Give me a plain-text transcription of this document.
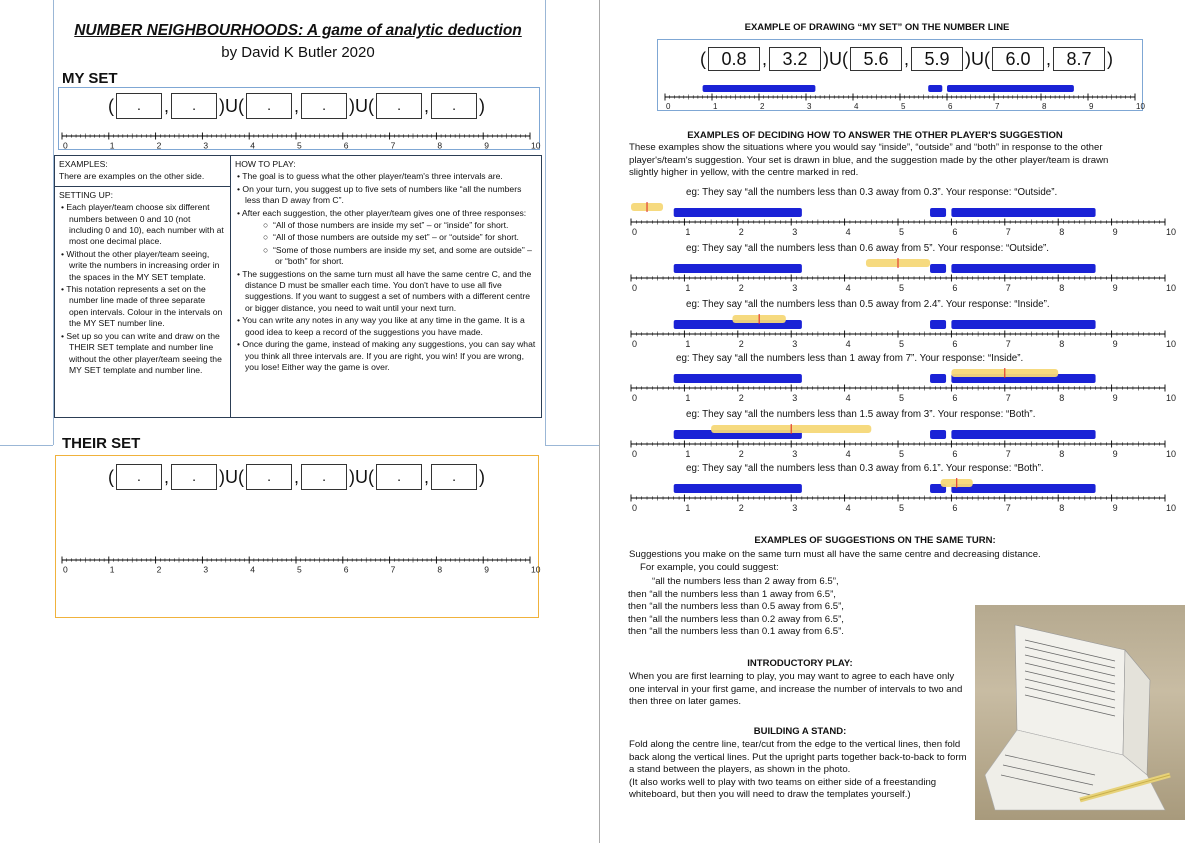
NUMBER NEIGHBOURHOODS: A game of analytic deduction
by David K Butler 2020
MY SET
(	.	,	.	)U(	.	,	.	)U(	.	,	.	)
0	1	2	3	4	5	6	7	8	9	10

EXAMPLES:

There are examples on the other side.

SETTING UP:

• Each player/team choose six different numbers between 0 and 10 (not including 0 and 10), each number with at most one decimal place.

• Without the other player/team seeing, write the numbers in increasing order in the spaces in the MY SET template.

• This notation represents a set on the number line made of three separate open intervals. Colour in the intervals on the MY SET number line.

• Set up so you can write and draw on the THEIR SET template and number line without the other player/team seeing the MY SET template and number line.

HOW TO PLAY:

• The goal is to guess what the other player/team's three intervals are.

• On your turn, you suggest up to five sets of numbers like “all the numbers less than D away from C”.

• After each suggestion, the other player/team gives one of three responses:

○  “All of those numbers are inside my set” – or “inside” for short.

○  “All of those numbers are outside my set” – or “outside” for short.

○  “Some of those numbers are inside my set, and some are outside” – or “both” for short.

• The suggestions on the same turn must all have the same centre C, and the distance D must be smaller each time. You don't have to use all five suggestions. If you want to suggest a set of numbers with a different centre or bigger distance, you need to wait until your next turn.

• You can write any notes in any way you like at any time in the game. It is a good idea to keep a record of the suggestions you have made.

• Once during the game, instead of making any suggestions, you can say what you think all three intervals are. If you are right, you win! If you are wrong, you lose! Either way the game is over.

THEIR SET
(	.	,	.	)U(	.	,	.	)U(	.	,	.	)
0	1	2	3	4	5	6	7	8	9	10
EXAMPLE OF DRAWING “MY SET” ON THE NUMBER LINE
( 0.8 , 3.2 )U( 5.6 , 5.9 )U( 6.0 , 8.7 )
0	1	2	3	4	5	6	7	8	9	10
EXAMPLES OF DECIDING HOW TO ANSWER THE OTHER PLAYER'S SUGGESTION
These examples show the situations where you would say “inside”, “outside” and “both” in response to the other player's/team's suggestion. Your set is drawn in blue, and the suggestion made by the other player/team is drawn slightly higher in yellow, with the centre marked in red.
eg: They say “all the numbers less than 0.3 away from 0.3”. Your response: “Outside”.
0	1	2	3	4	5	6	7	8	9	10
eg: They say “all the numbers less than 0.6 away from 5”. Your response: “Outside”.
0	1	2	3	4	5	6	7	8	9	10
eg: They say “all the numbers less than 0.5 away from 2.4”. Your response: “Inside”.
0	1	2	3	4	5	6	7	8	9	10
eg: They say “all the numbers less than 1 away from 7”. Your response: “Inside”.
0	1	2	3	4	5	6	7	8	9	10
eg: They say “all the numbers less than 1.5 away from 3”. Your response: “Both”.
0	1	2	3	4	5	6	7	8	9	10
eg: They say “all the numbers less than 0.3 away from 6.1”. Your response: “Both”.
0	1	2	3	4	5	6	7	8	9	10
EXAMPLES OF SUGGESTIONS ON THE SAME TURN:
Suggestions you make on the same turn must all have the same centre and decreasing distance.
For example, you could suggest:
“all the numbers less than 2 away from 6.5”,
then “all the numbers less than 1 away from 6.5”,
then “all the numbers less than 0.5 away from 6.5”,
then “all the numbers less than 0.2 away from 6.5”,
then “all the numbers less than 0.1 away from 6.5”.
INTRODUCTORY PLAY:
When you are first learning to play, you may want to agree to each have only one interval in your first game, and increase the number of intervals to two and then three on later games.
BUILDING A STAND:
Fold along the centre line, tear/cut from the edge to the vertical lines, then fold back along the vertical lines. Put the upright parts together back-to-back to form a stand between the players, as shown in the photo.
(It also works well to play with two teams on either side of a freestanding whiteboard, but then you will need to draw the templates yourself.)
